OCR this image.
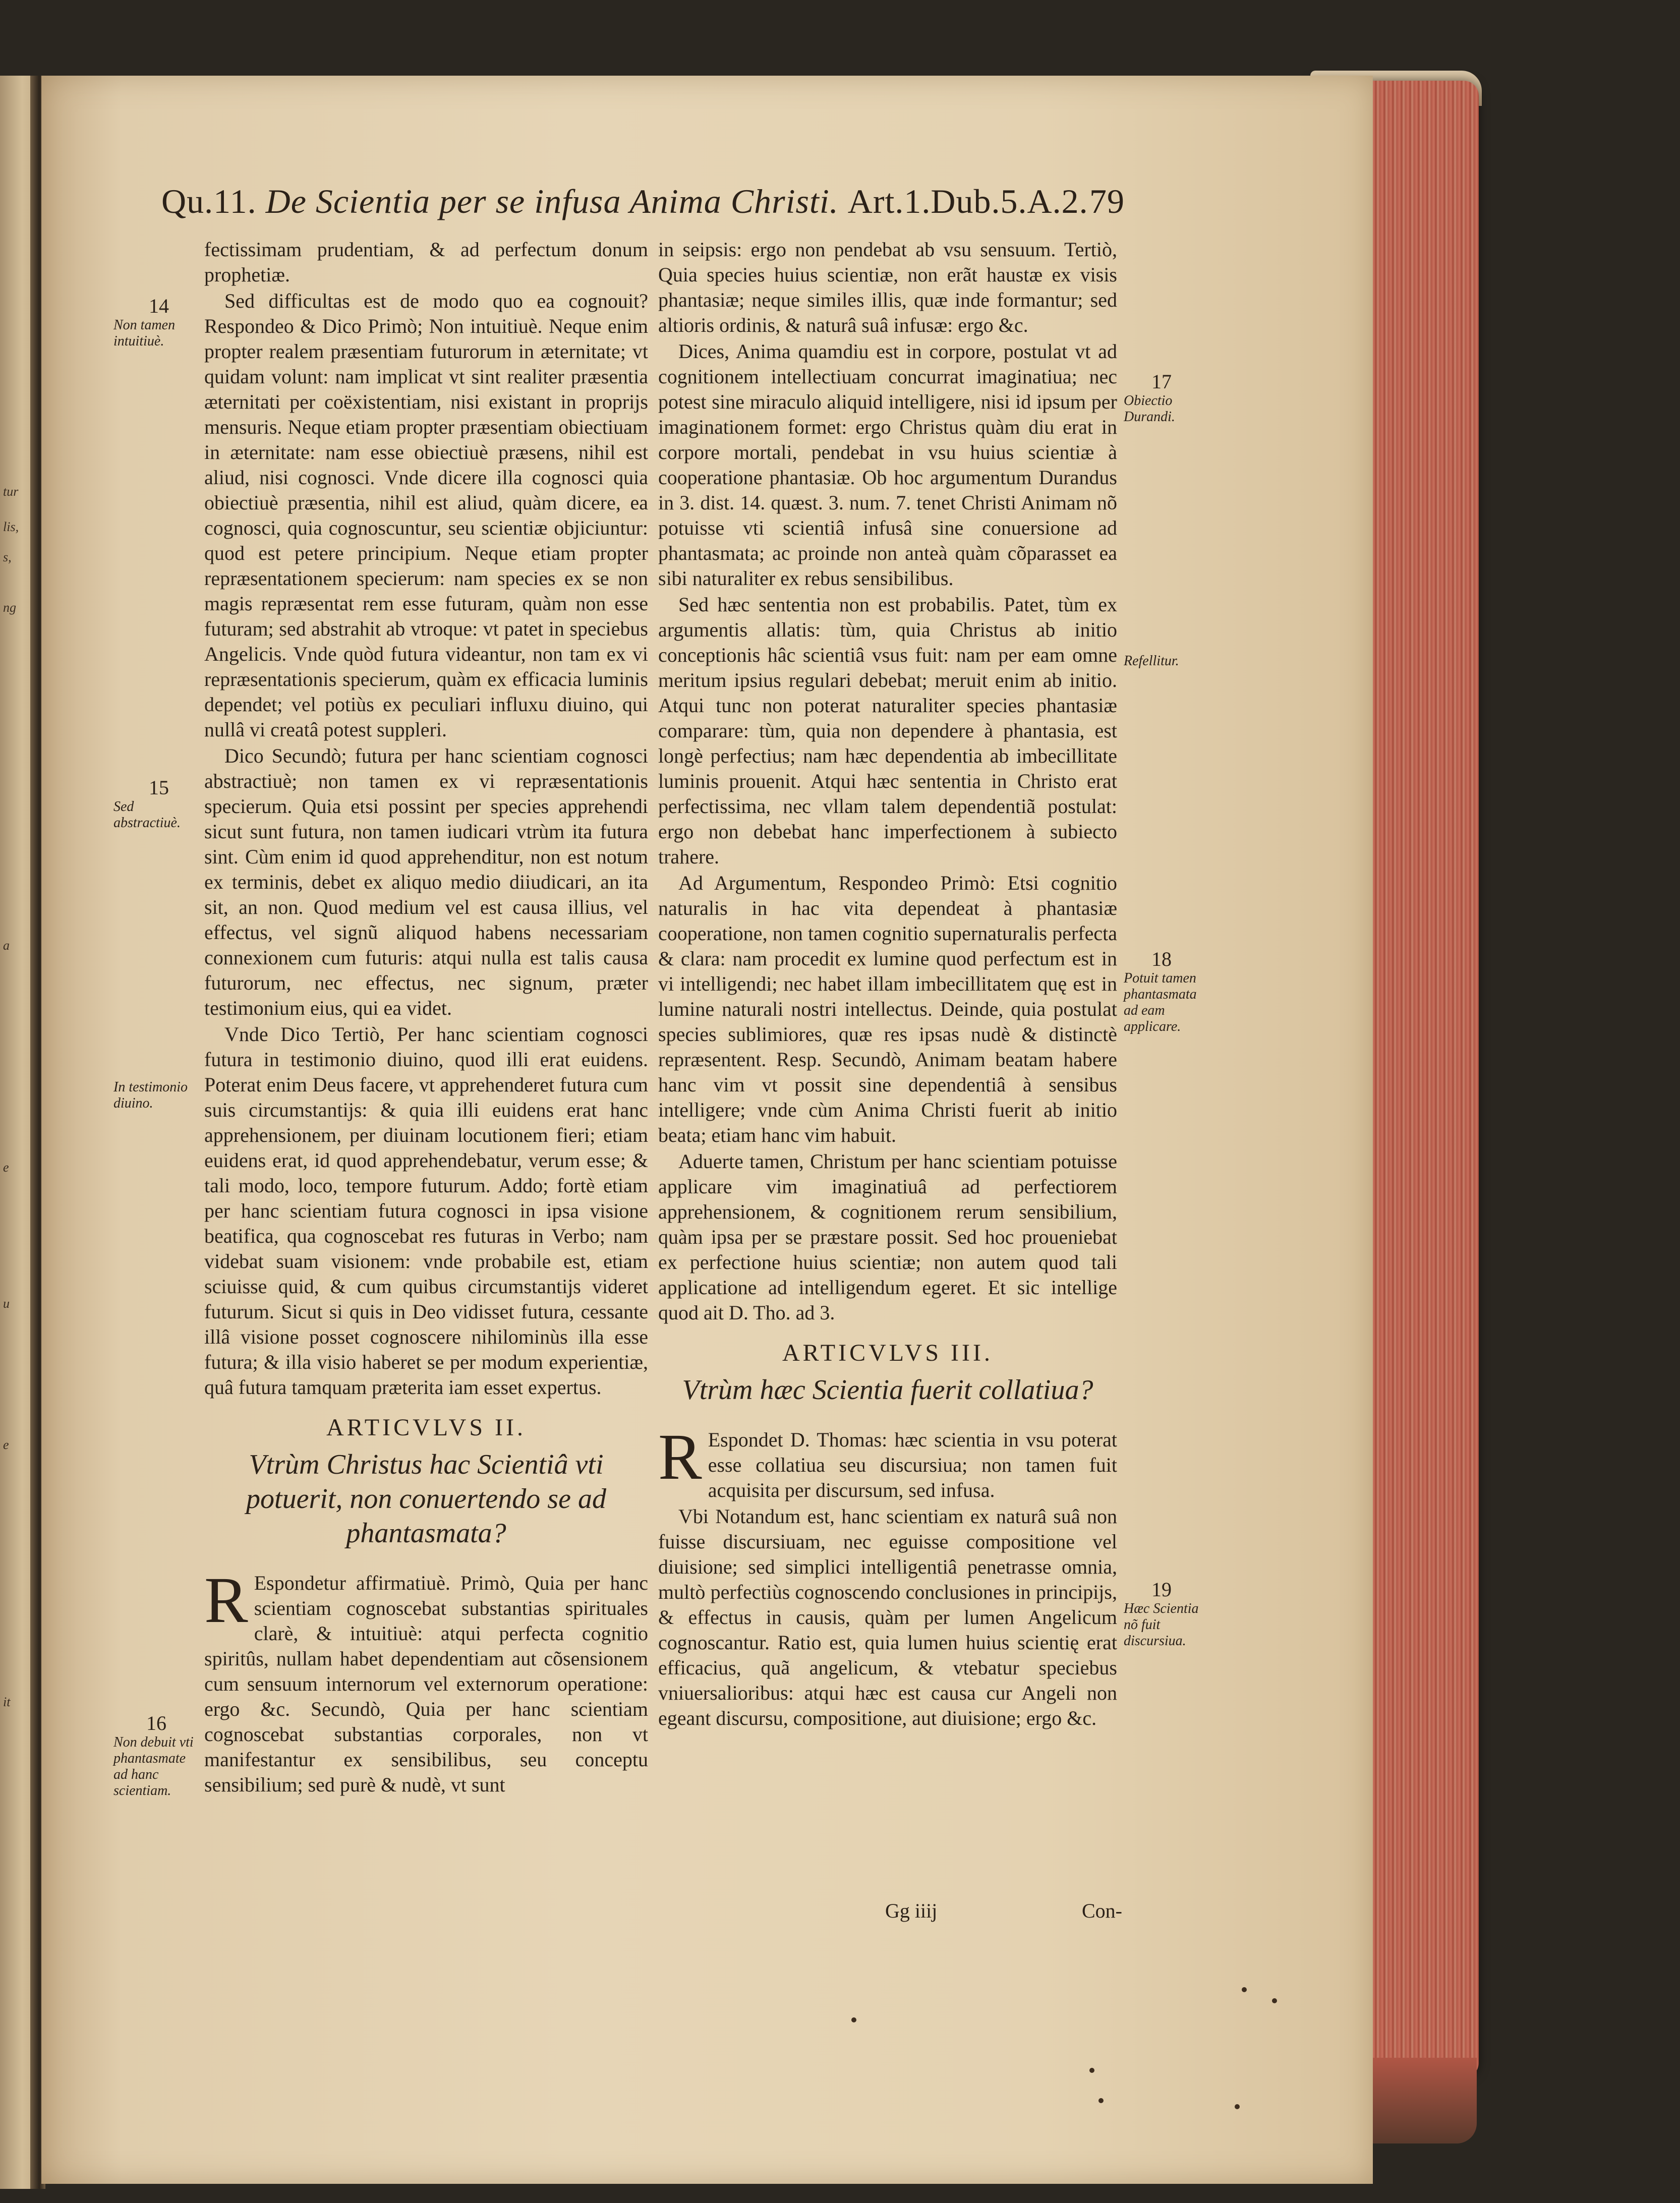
tur
lis,
s,
ng
a
e
u
e
it
Qu.11. De Scientia per se infusa Anima Christi. Art.1.Dub.5.A.2. 79

fectissimam prudentiam, & ad perfectum donum prophetiæ.

Sed difficultas est de modo quo ea cognouit? Respondeo & Dico Primò; Non intuitiuè. Neque enim propter realem præsentiam futurorum in æternitate; vt quidam volunt: nam implicat vt sint realiter præsentia æternitati per coëxistentiam, nisi existant in proprijs mensuris. Neque etiam propter præsentiam obiectiuam in æternitate: nam esse obiectiuè præsens, nihil est aliud, nisi cognosci. Vnde dicere illa cognosci quia obiectiuè præsentia, nihil est aliud, quàm dicere, ea cognosci, quia cognoscuntur, seu scientiæ objiciuntur: quod est petere principium. Neque etiam propter repræsentationem specierum: nam species ex se non magis repræsentat rem esse futuram, quàm non esse futuram; sed abstrahit ab vtroque: vt patet in speciebus Angelicis. Vnde quòd futura videantur, non tam ex vi repræsentationis specierum, quàm ex efficacia luminis dependet; vel potiùs ex peculiari influxu diuino, qui nullâ vi creatâ potest suppleri.

Dico Secundò; futura per hanc scientiam cognosci abstractiuè; non tamen ex vi repræsentationis specierum. Quia etsi possint per species apprehendi sicut sunt futura, non tamen iudicari vtrùm ita futura sint. Cùm enim id quod apprehenditur, non est notum ex terminis, debet ex aliquo medio diiudicari, an ita sit, an non. Quod medium vel est causa illius, vel effectus, vel signũ aliquod habens necessariam connexionem cum futuris: atqui nulla est talis causa futurorum, nec effectus, nec signum, præter testimonium eius, qui ea videt.

Vnde Dico Tertiò, Per hanc scientiam cognosci futura in testimonio diuino, quod illi erat euidens. Poterat enim Deus facere, vt apprehenderet futura cum suis circumstantijs: & quia illi euidens erat hanc apprehensionem, per diuinam locutionem fieri; etiam euidens erat, id quod apprehendebatur, verum esse; & tali modo, loco, tempore futurum. Addo; fortè etiam per hanc scientiam futura cognosci in ipsa visione beatifica, qua cognoscebat res futuras in Verbo; nam videbat suam visionem: vnde probabile est, etiam sciuisse quid, & cum quibus circumstantijs videret futurum. Sicut si quis in Deo vidisset futura, cessante illâ visione posset cognoscere nihilominùs illa esse futura; & illa visio haberet se per modum experientiæ, quâ futura tamquam præterita iam esset expertus.

ARTICVLVS II.
Vtrùm Christus hac Scientiâ vti potuerit, non conuertendo se ad phantasmata?

R Espondetur affirmatiuè. Primò, Quia per hanc scientiam cognoscebat substantias spirituales clarè, & intuitiuè: atqui perfecta cognitio spiritûs, nullam habet dependentiam aut cõsensionem cum sensuum internorum vel externorum operatione: ergo &c. Secundò, Quia per hanc scientiam cognoscebat substantias corporales, non vt manifestantur ex sensibilibus, seu conceptu sensibilium; sed purè & nudè, vt sunt

in seipsis: ergo non pendebat ab vsu sensuum. Tertiò, Quia species huius scientiæ, non erãt haustæ ex visis phantasiæ; neque similes illis, quæ inde formantur; sed altioris ordinis, & naturâ suâ infusæ: ergo &c.

Dices, Anima quamdiu est in corpore, postulat vt ad cognitionem intellectiuam concurrat imaginatiua; nec potest sine miraculo aliquid intelligere, nisi id ipsum per imaginationem formet: ergo Christus quàm diu erat in corpore mortali, pendebat in vsu huius scientiæ à cooperatione phantasiæ. Ob hoc argumentum Durandus in 3. dist. 14. quæst. 3. num. 7. tenet Christi Animam nõ potuisse vti scientiâ infusâ sine conuersione ad phantasmata; ac proinde non anteà quàm cõparasset ea sibi naturaliter ex rebus sensibilibus.

Sed hæc sententia non est probabilis. Patet, tùm ex argumentis allatis: tùm, quia Christus ab initio conceptionis hâc scientiâ vsus fuit: nam per eam omne meritum ipsius regulari debebat; meruit enim ab initio. Atqui tunc non poterat naturaliter species phantasiæ comparare: tùm, quia non dependere à phantasia, est longè perfectius; nam hæc dependentia ab imbecillitate luminis prouenit. Atqui hæc sententia in Christo erat perfectissima, nec vllam talem dependentiã postulat: ergo non debebat hanc imperfectionem à subiecto trahere.

Ad Argumentum, Respondeo Primò: Etsi cognitio naturalis in hac vita dependeat à phantasiæ cooperatione, non tamen cognitio supernaturalis perfecta & clara: nam procedit ex lumine quod perfectum est in vi intelligendi; nec habet illam imbecillitatem quę est in lumine naturali nostri intellectus. Deinde, quia postulat species sublimiores, quæ res ipsas nudè & distinctè repræsentent. Resp. Secundò, Animam beatam habere hanc vim vt possit sine dependentiâ à sensibus intelligere; vnde cùm Anima Christi fuerit ab initio beata; etiam hanc vim habuit.

Aduerte tamen, Christum per hanc scientiam potuisse applicare vim imaginatiuâ ad perfectiorem apprehensionem, & cognitionem rerum sensibilium, quàm ipsa per se præstare possit. Sed hoc proueniebat ex perfectione huius scientiæ; non autem quod tali applicatione ad intelligendum egeret. Et sic intellige quod ait D. Tho. ad 3.

ARTICVLVS III.
Vtrùm hæc Scientia fuerit collatiua?

R Espondet D. Thomas: hæc scientia in vsu poterat esse collatiua seu discursiua; non tamen fuit acquisita per discursum, sed infusa.

Vbi Notandum est, hanc scientiam ex naturâ suâ non fuisse discursiuam, nec eguisse compositione vel diuisione; sed simplici intelligentiâ penetrasse omnia, multò perfectiùs cognoscendo conclusiones in principijs, & effectus in causis, quàm per lumen Angelicum cognoscantur. Ratio est, quia lumen huius scientię erat efficacius, quã angelicum, & vtebatur speciebus vniuersalioribus: atqui hæc est causa cur Angeli non egeant discursu, compositione, aut diuisione; ergo &c.

14
Non tamen intuitiuè.
15
Sed abstractiuè.
In testimonio diuino.
16
Non debuit vti phantasmate ad hanc scientiam.
17
Obiectio Durandi.
Refellitur.
18
Potuit tamen phantasmata ad eam applicare.
19
Hæc Scientia nõ fuit discursiua.
Gg iiij	Con-
